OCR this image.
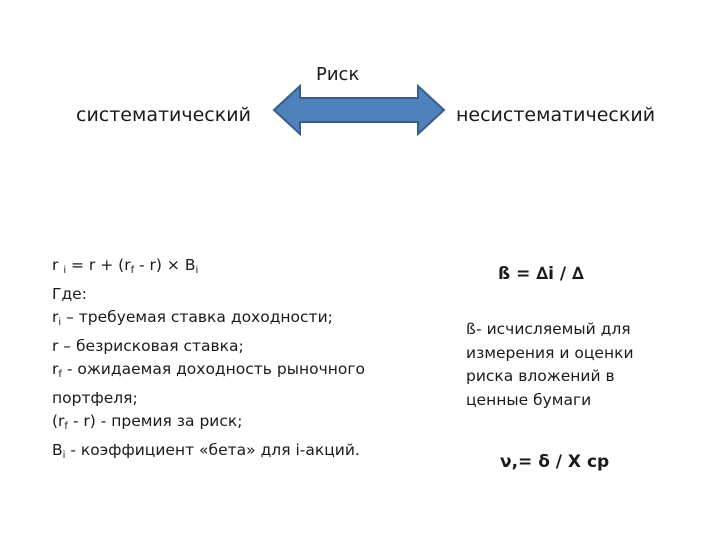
Риск
систематический	несистематический
r $_i = r + (r_f - r) \times B_i$
Где:
$r_i$ – требуемая ставка доходности;
r – безрисковая ставка;
$r_f$ - ожидаемая доходность рыночного
портфеля;
$(r_f - r)$ - премия за риск;
$B_i$ - коэффициент «бета» для i-акций.
ß = ∆i / ∆
ß- исчисляемый для
измерения и оценки
риска вложений в
ценные бумаги
ν,= δ / Х ср
